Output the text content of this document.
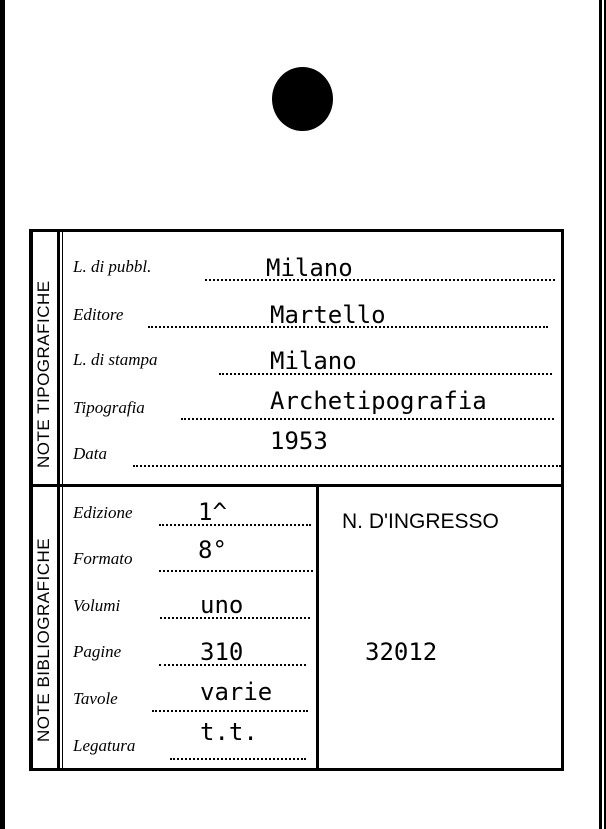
NOTE TIPOGRAFICHE
NOTE BIBLIOGRAFICHE
L. di pubbl.	Milano
Editore	Martello
L. di stampa	Milano
Tipografia	Archetipografia
Data	1953
Edizione	1^
Formato	8°
Volumi	uno
Pagine	310
Tavole	varie
Legatura	t.t.
N. D'INGRESSO
32012
